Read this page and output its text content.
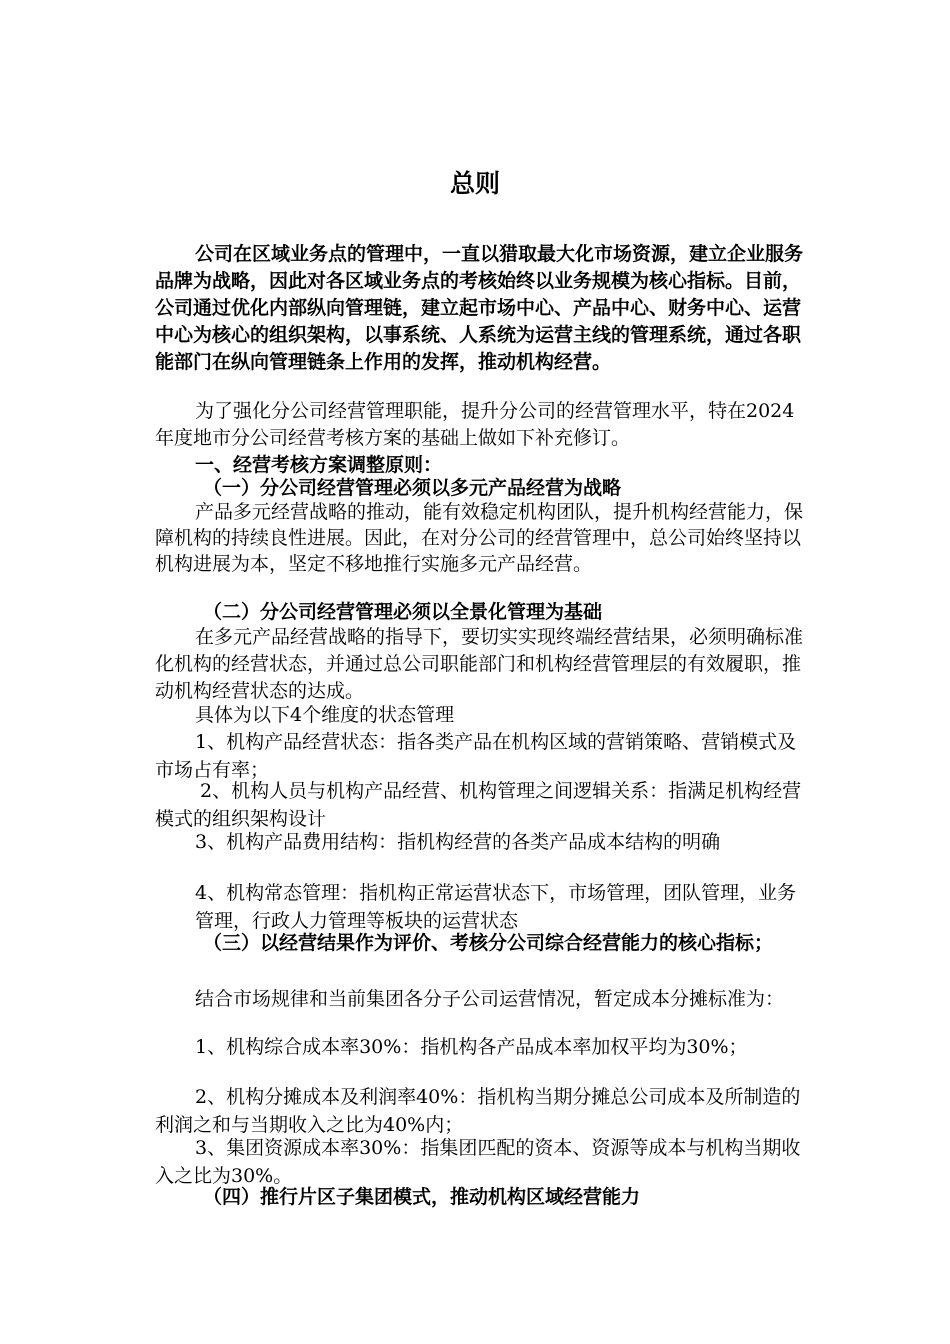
总则

公司在区域业务点的管理中，一直以猎取最大化市场资源，建立企业服务品牌为战略，因此对各区域业务点的考核始终以业务规模为核心指标。目前，公司通过优化内部纵向管理链，建立起市场中心、产品中心、财务中心、运营中心为核心的组织架构，以事系统、人系统为运营主线的管理系统，通过各职能部门在纵向管理链条上作用的发挥，推动机构经营。

为了强化分公司经营管理职能，提升分公司的经营管理水平，特在2024年度地市分公司经营考核方案的基础上做如下补充修订。

一、经营考核方案调整原则：

（一）分公司经营管理必须以多元产品经营为战略

产品多元经营战略的推动，能有效稳定机构团队，提升机构经营能力，保障机构的持续良性进展。因此，在对分公司的经营管理中，总公司始终坚持以机构进展为本，坚定不移地推行实施多元产品经营。

（二）分公司经营管理必须以全景化管理为基础

在多元产品经营战略的指导下，要切实实现终端经营结果，必须明确标准化机构的经营状态，并通过总公司职能部门和机构经营管理层的有效履职，推动机构经营状态的达成。

具体为以下4个维度的状态管理

1、机构产品经营状态：指各类产品在机构区域的营销策略、营销模式及市场占有率；

2、机构人员与机构产品经营、机构管理之间逻辑关系：指满足机构经营模式的组织架构设计

3、机构产品费用结构：指机构经营的各类产品成本结构的明确

4、机构常态管理：指机构正常运营状态下，市场管理，团队管理，业务管理，行政人力管理等板块的运营状态

（三）以经营结果作为评价、考核分公司综合经营能力的核心指标；

结合市场规律和当前集团各分子公司运营情况，暂定成本分摊标准为：

1、机构综合成本率30%：指机构各产品成本率加权平均为30%；

2、机构分摊成本及利润率40%：指机构当期分摊总公司成本及所制造的利润之和与当期收入之比为40%内；

3、集团资源成本率30%：指集团匹配的资本、资源等成本与机构当期收入之比为30%。

（四）推行片区子集团模式，推动机构区域经营能力
